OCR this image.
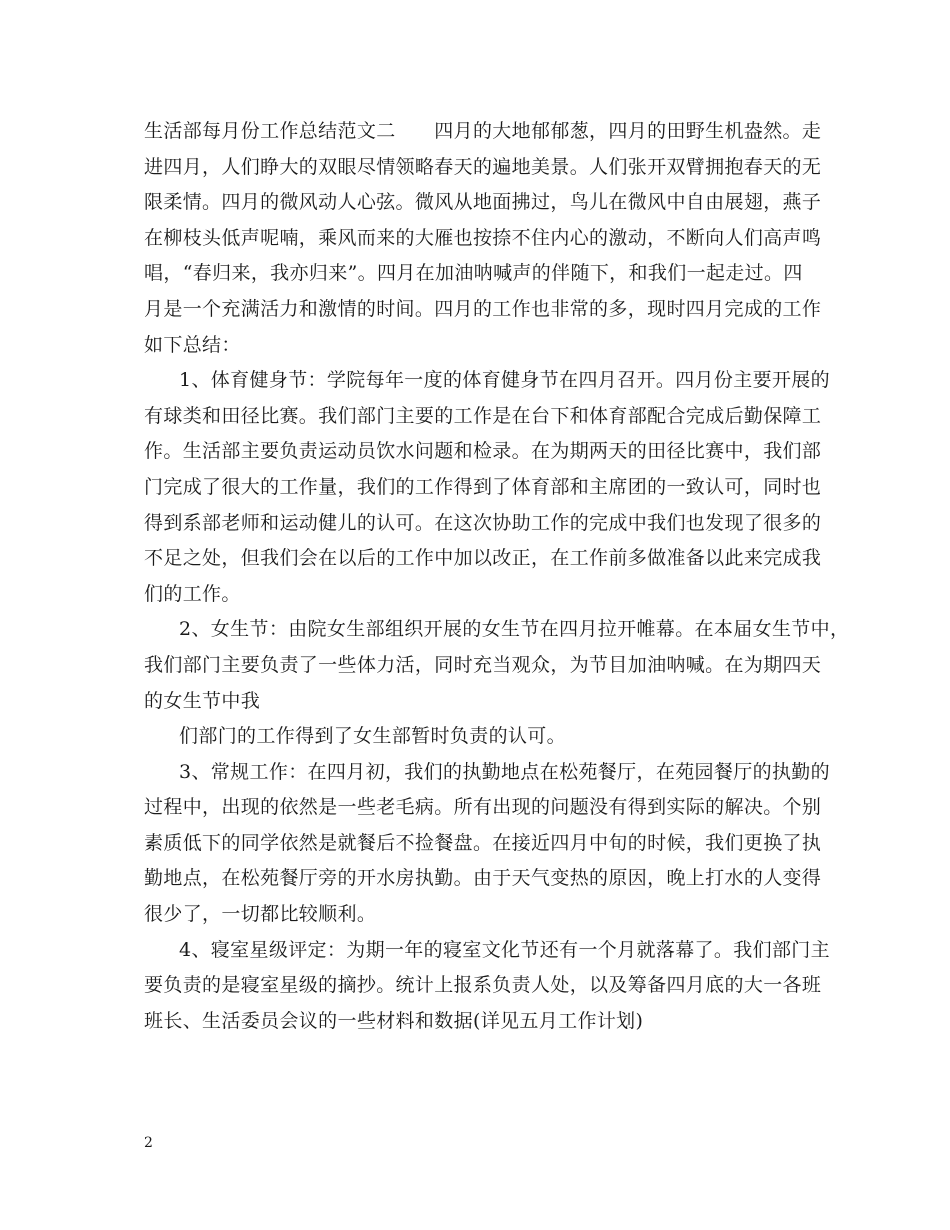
生活部每月份工作总结范文二　　四月的大地郁郁葱，四月的田野生机盎然。走
进四月，人们睁大的双眼尽情领略春天的遍地美景。人们张开双臂拥抱春天的无
限柔情。四月的微风动人心弦。微风从地面拂过，鸟儿在微风中自由展翅，燕子
在柳枝头低声呢喃，乘风而来的大雁也按捺不住内心的激动，不断向人们高声鸣
唱，“春归来，我亦归来”。四月在加油呐喊声的伴随下，和我们一起走过。四
月是一个充满活力和激情的时间。四月的工作也非常的多，现时四月完成的工作
如下总结：
1、体育健身节：学院每年一度的体育健身节在四月召开。四月份主要开展的
有球类和田径比赛。我们部门主要的工作是在台下和体育部配合完成后勤保障工
作。生活部主要负责运动员饮水问题和检录。在为期两天的田径比赛中，我们部
门完成了很大的工作量，我们的工作得到了体育部和主席团的一致认可，同时也
得到系部老师和运动健儿的认可。在这次协助工作的完成中我们也发现了很多的
不足之处，但我们会在以后的工作中加以改正，在工作前多做准备以此来完成我
们的工作。
2、女生节：由院女生部组织开展的女生节在四月拉开帷幕。在本届女生节中，
我们部门主要负责了一些体力活，同时充当观众，为节目加油呐喊。在为期四天
的女生节中我
们部门的工作得到了女生部暂时负责的认可。
3、常规工作：在四月初，我们的执勤地点在松苑餐厅，在苑园餐厅的执勤的
过程中，出现的依然是一些老毛病。所有出现的问题没有得到实际的解决。个别
素质低下的同学依然是就餐后不捡餐盘。在接近四月中旬的时候，我们更换了执
勤地点，在松苑餐厅旁的开水房执勤。由于天气变热的原因，晚上打水的人变得
很少了，一切都比较顺利。
4、寝室星级评定：为期一年的寝室文化节还有一个月就落幕了。我们部门主
要负责的是寝室星级的摘抄。统计上报系负责人处，以及筹备四月底的大一各班
班长、生活委员会议的一些材料和数据(详见五月工作计划)
2
